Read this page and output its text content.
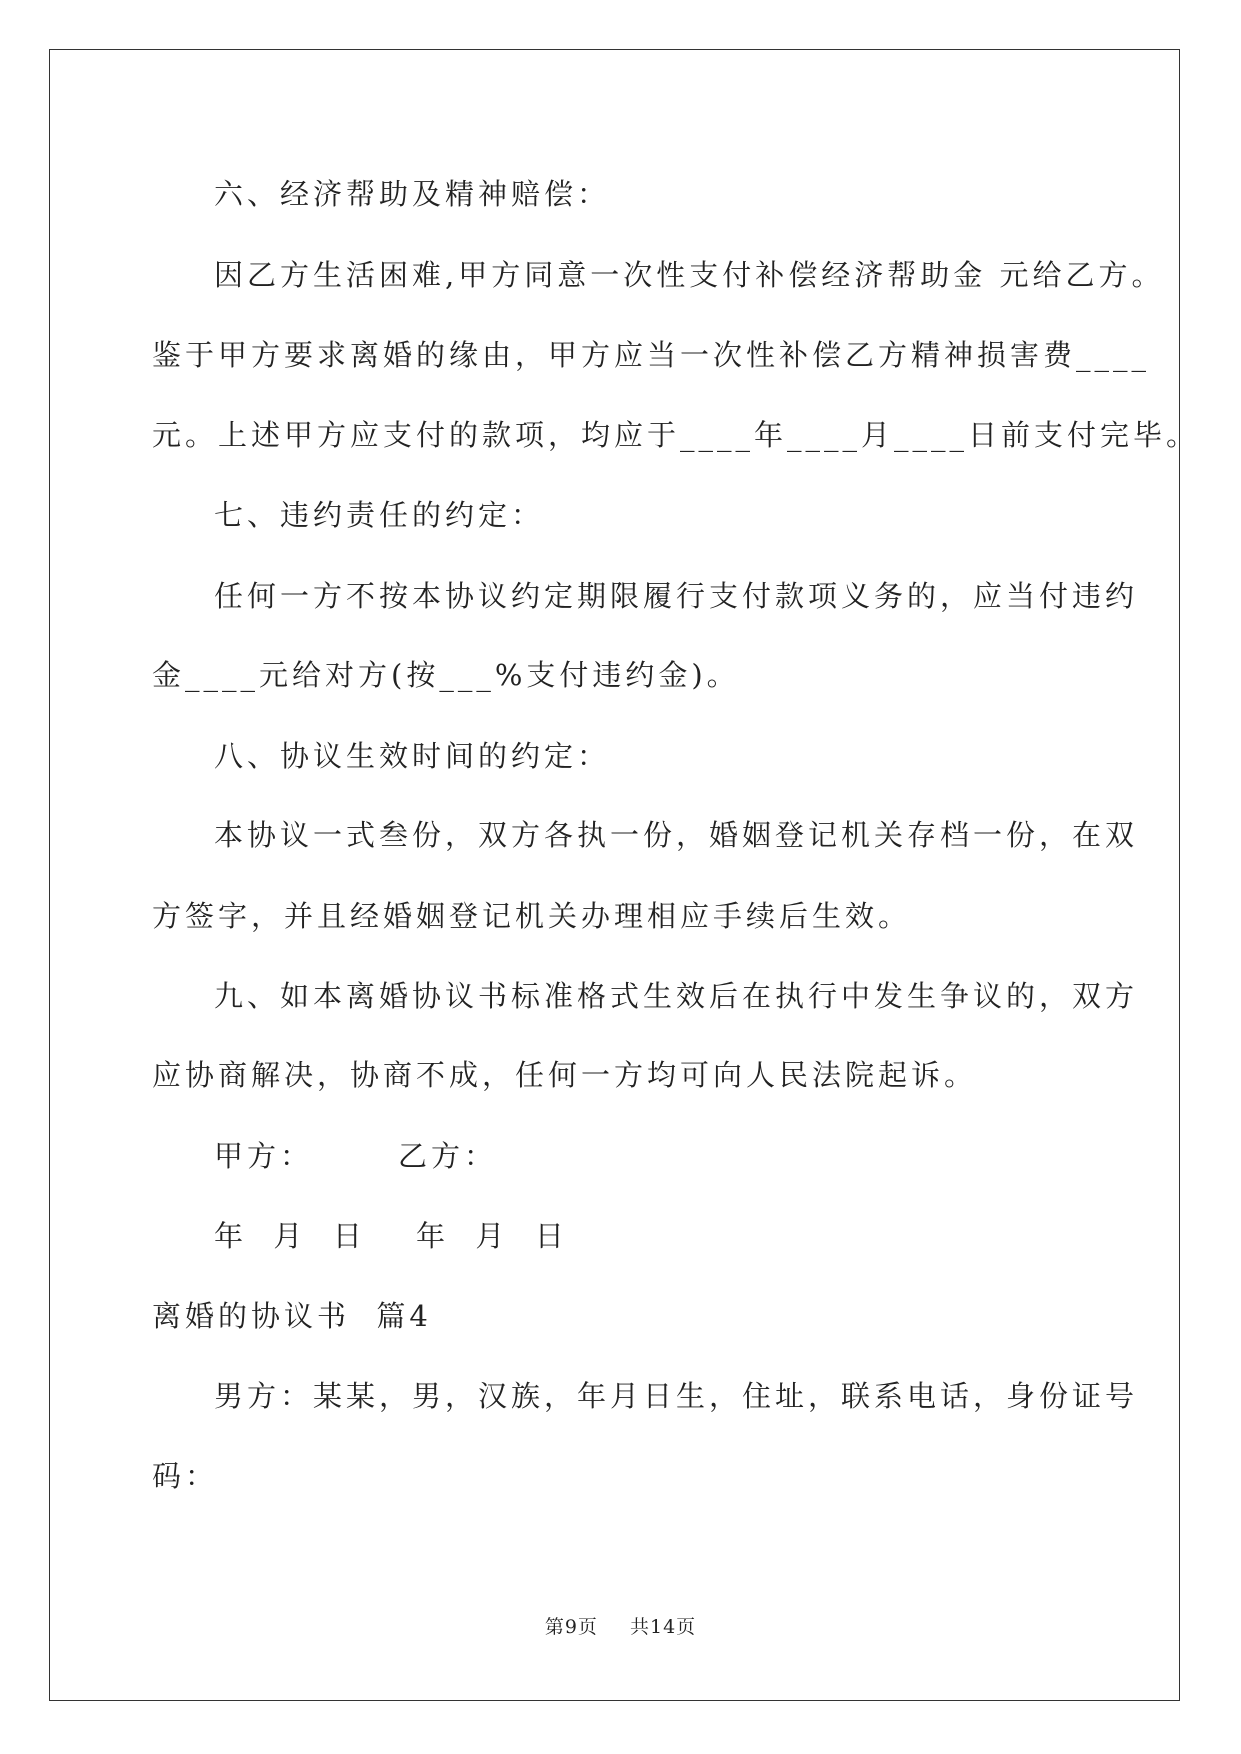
六、经济帮助及精神赔偿：
因乙方生活困难,甲方同意一次性支付补偿经济帮助金 元给乙方。
鉴于甲方要求离婚的缘由，甲方应当一次性补偿乙方精神损害费____
元。上述甲方应支付的款项，均应于____年____月____日前支付完毕。
七、违约责任的约定：
任何一方不按本协议约定期限履行支付款项义务的，应当付违约
金____元给对方(按___%支付违约金)。
八、协议生效时间的约定：
本协议一式叁份，双方各执一份，婚姻登记机关存档一份，在双
方签字，并且经婚姻登记机关办理相应手续后生效。
九、如本离婚协议书标准格式生效后在执行中发生争议的，双方
应协商解决，协商不成，任何一方均可向人民法院起诉。
甲方：	乙方：
年  月  日 年  月  日
离婚的协议书  篇4
男方：某某，男，汉族，年月日生，住址，联系电话，身份证号
码：
第9页 共14页
